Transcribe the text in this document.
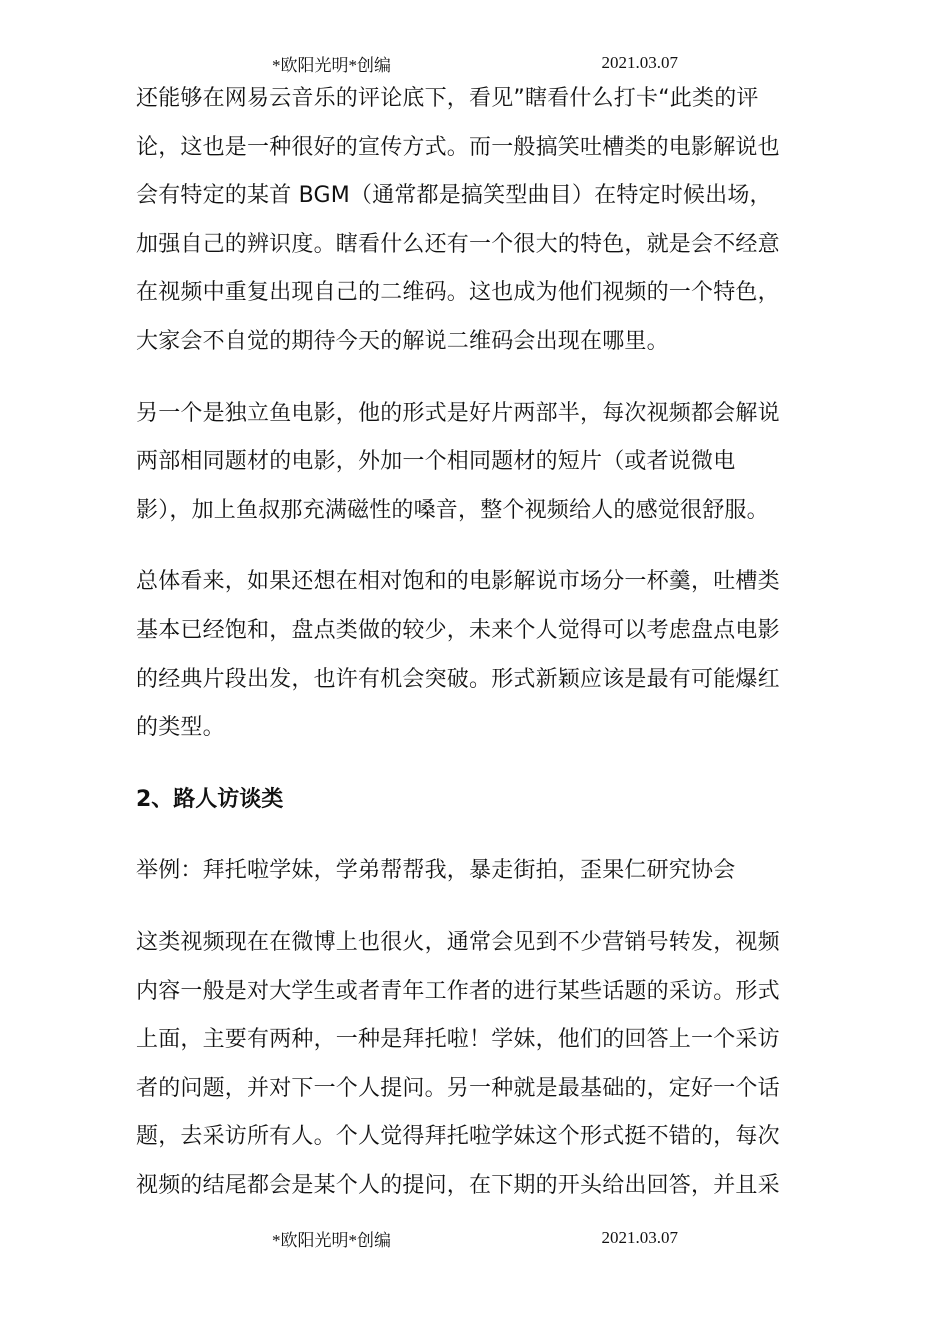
*欧阳光明*创编	2021.03.07

还能够在网易云音乐的评论底下，看见”瞎看什么打卡“此类的评
论，这也是一种很好的宣传方式。而一般搞笑吐槽类的电影解说也
会有特定的某首 BGM（通常都是搞笑型曲目）在特定时候出场，
加强自己的辨识度。瞎看什么还有一个很大的特色，就是会不经意
在视频中重复出现自己的二维码。这也成为他们视频的一个特色，
大家会不自觉的期待今天的解说二维码会出现在哪里。

另一个是独立鱼电影，他的形式是好片两部半，每次视频都会解说
两部相同题材的电影，外加一个相同题材的短片（或者说微电
影），加上鱼叔那充满磁性的嗓音，整个视频给人的感觉很舒服。

总体看来，如果还想在相对饱和的电影解说市场分一杯羹，吐槽类
基本已经饱和，盘点类做的较少，未来个人觉得可以考虑盘点电影
的经典片段出发，也许有机会突破。形式新颖应该是最有可能爆红
的类型。

2、路人访谈类

举例：拜托啦学妹，学弟帮帮我，暴走街拍，歪果仁研究协会

这类视频现在在微博上也很火，通常会见到不少营销号转发，视频
内容一般是对大学生或者青年工作者的进行某些话题的采访。形式
上面，主要有两种，一种是拜托啦！学妹，他们的回答上一个采访
者的问题，并对下一个人提问。另一种就是最基础的，定好一个话
题，去采访所有人。个人觉得拜托啦学妹这个形式挺不错的，每次
视频的结尾都会是某个人的提问，在下期的开头给出回答，并且采

*欧阳光明*创编	2021.03.07
